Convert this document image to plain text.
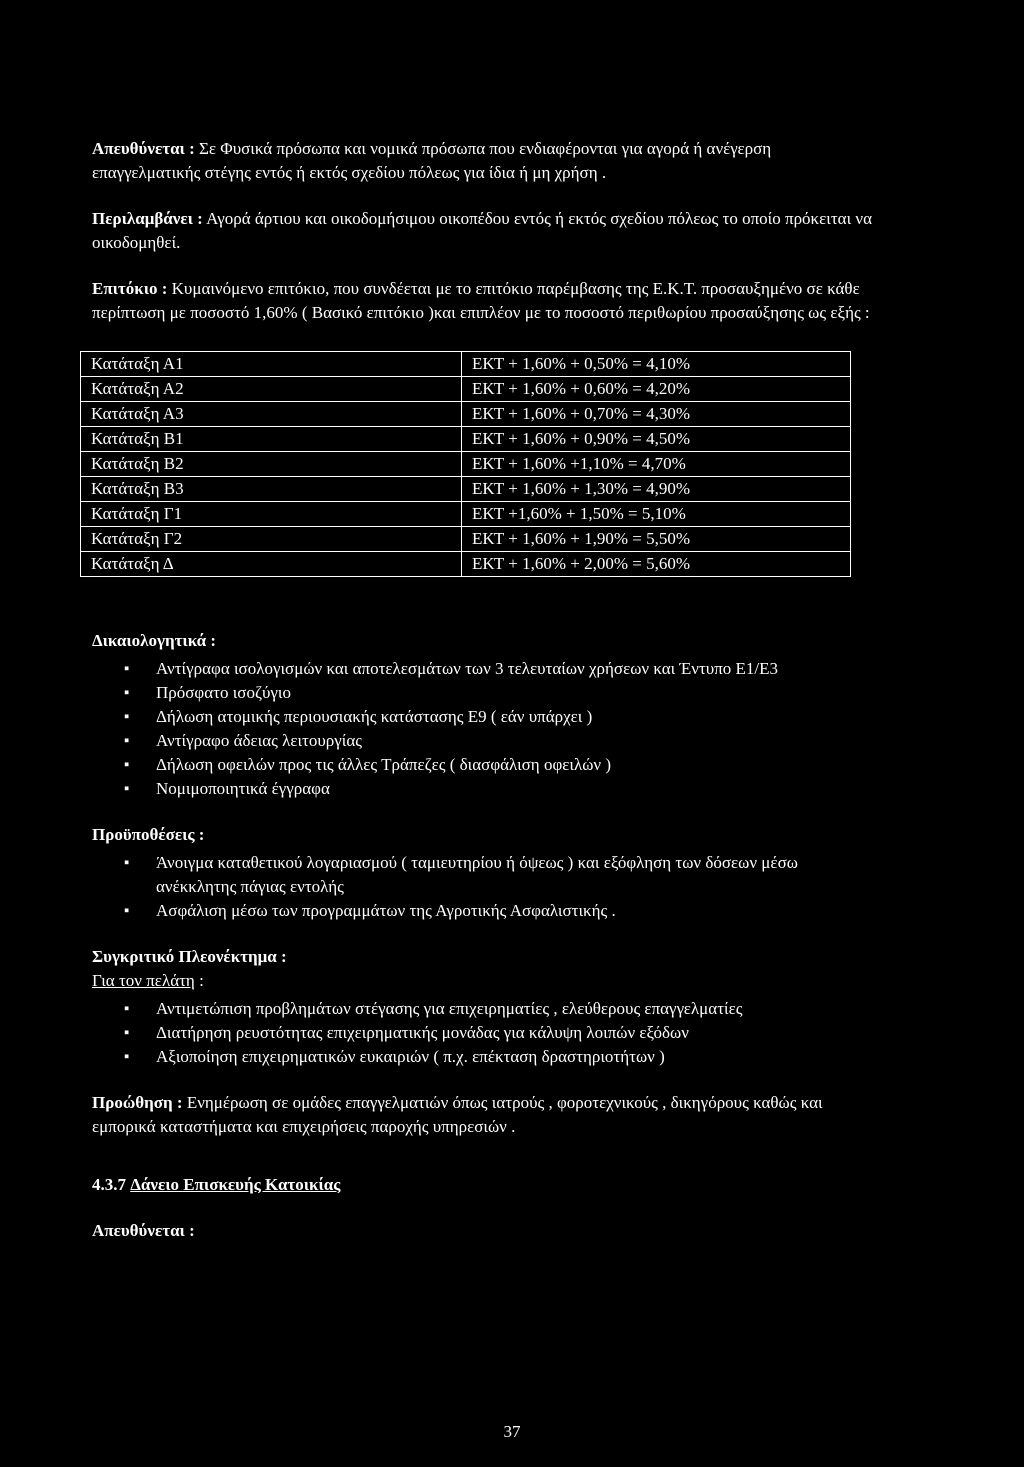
Απευθύνεται : Σε Φυσικά πρόσωπα και νομικά πρόσωπα που ενδιαφέρονται για αγορά ή ανέγερση επαγγελματικής στέγης εντός ή εκτός σχεδίου πόλεως για ίδια ή μη χρήση .

Περιλαμβάνει : Αγορά άρτιου και οικοδομήσιμου οικοπέδου εντός ή εκτός σχεδίου πόλεως το οποίο πρόκειται να οικοδομηθεί.

Επιτόκιο : Κυμαινόμενο επιτόκιο, που συνδέεται με το επιτόκιο παρέμβασης της Ε.Κ.Τ. προσαυξημένο σε κάθε περίπτωση με ποσοστό 1,60% ( Βασικό επιτόκιο )και επιπλέον με το ποσοστό περιθωρίου προσαύξησης ως εξής :

Κατάταξη Α1	ΕΚΤ + 1,60% + 0,50% = 4,10%
Κατάταξη Α2	ΕΚΤ + 1,60% + 0,60% = 4,20%
Κατάταξη Α3	ΕΚΤ + 1,60% + 0,70% = 4,30%
Κατάταξη Β1	ΕΚΤ + 1,60% + 0,90% = 4,50%
Κατάταξη Β2	ΕΚΤ + 1,60% +1,10% = 4,70%
Κατάταξη Β3	ΕΚΤ + 1,60% + 1,30% = 4,90%
Κατάταξη Γ1	ΕΚΤ +1,60% + 1,50% = 5,10%
Κατάταξη Γ2	ΕΚΤ + 1,60% + 1,90% = 5,50%
Κατάταξη Δ	ΕΚΤ + 1,60% + 2,00% = 5,60%

Δικαιολογητικά :

▪ Αντίγραφα ισολογισμών και αποτελεσμάτων των 3 τελευταίων χρήσεων και Έντυπο Ε1/Ε3
▪ Πρόσφατο ισοζύγιο
▪ Δήλωση ατομικής περιουσιακής κατάστασης Ε9 ( εάν υπάρχει )
▪ Αντίγραφο άδειας λειτουργίας
▪ Δήλωση οφειλών προς τις άλλες Τράπεζες ( διασφάλιση οφειλών )
▪ Νομιμοποιητικά έγγραφα

Προϋποθέσεις :

▪ Άνοιγμα καταθετικού λογαριασμού ( ταμιευτηρίου ή όψεως ) και εξόφληση των δόσεων μέσω ανέκκλητης πάγιας εντολής
▪ Ασφάλιση μέσω των προγραμμάτων της Αγροτικής Ασφαλιστικής .

Συγκριτικό Πλεονέκτημα :

Για τον πελάτη :

▪ Αντιμετώπιση προβλημάτων στέγασης για επιχειρηματίες , ελεύθερους επαγγελματίες
▪ Διατήρηση ρευστότητας επιχειρηματικής μονάδας για κάλυψη λοιπών εξόδων
▪ Αξιοποίηση επιχειρηματικών ευκαιριών ( π.χ. επέκταση δραστηριοτήτων )

Προώθηση : Ενημέρωση σε ομάδες επαγγελματιών όπως ιατρούς , φοροτεχνικούς , δικηγόρους καθώς και εμπορικά καταστήματα και επιχειρήσεις παροχής υπηρεσιών .

4.3.7 Δάνειο Επισκευής Κατοικίας

Απευθύνεται :

37
